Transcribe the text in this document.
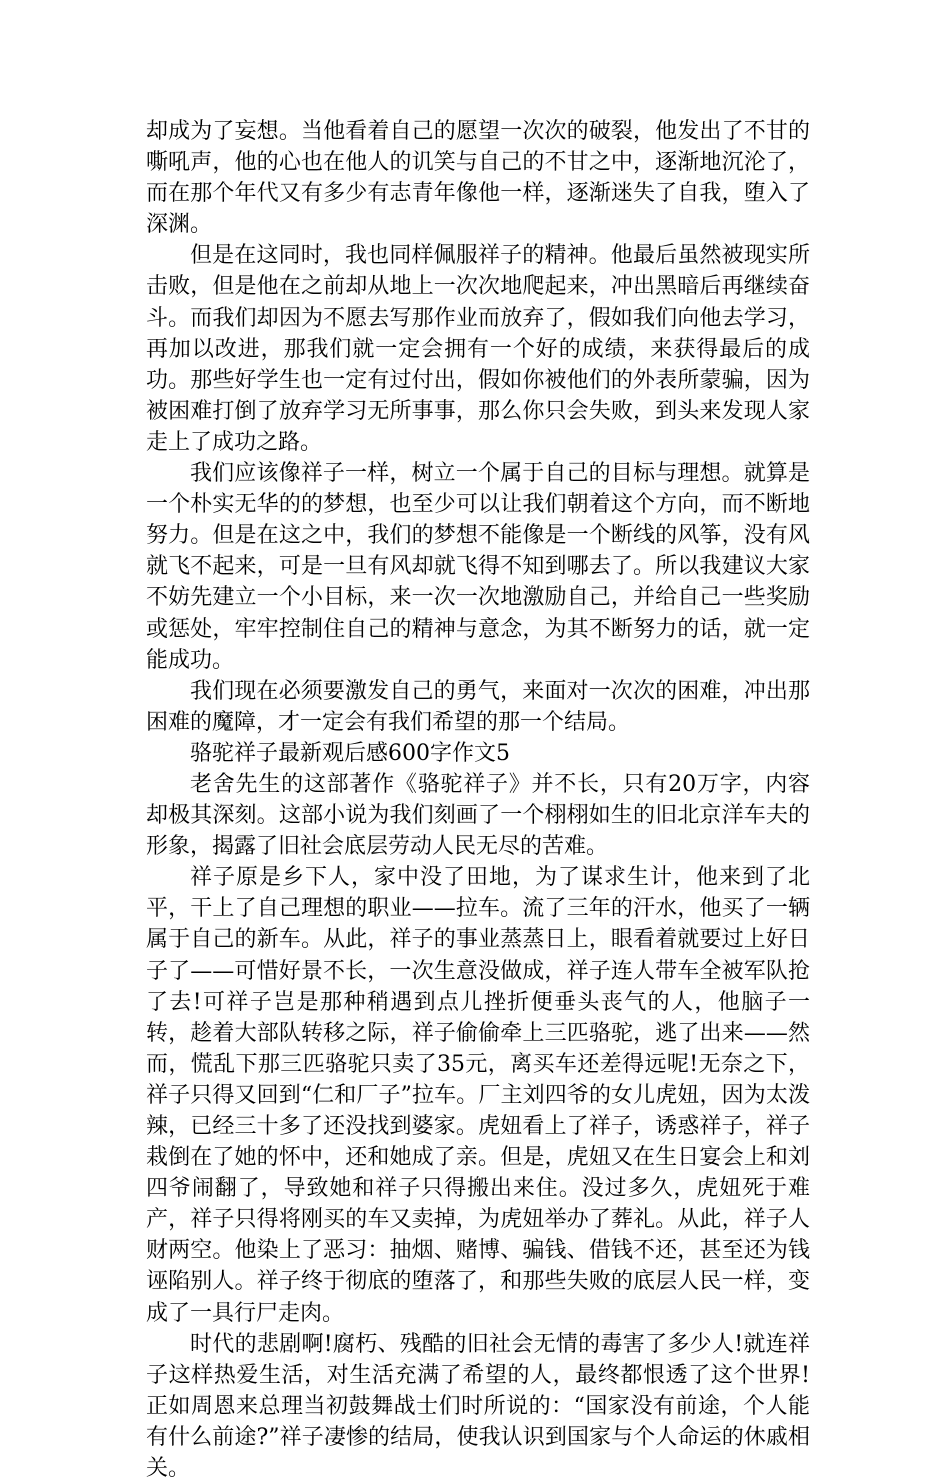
却成为了妄想。当他看着自己的愿望一次次的破裂，他发出了不甘的嘶吼声，他的心也在他人的讥笑与自己的不甘之中，逐渐地沉沦了，而在那个年代又有多少有志青年像他一样，逐渐迷失了自我，堕入了深渊。

但是在这同时，我也同样佩服祥子的精神。他最后虽然被现实所击败，但是他在之前却从地上一次次地爬起来，冲出黑暗后再继续奋斗。而我们却因为不愿去写那作业而放弃了，假如我们向他去学习，再加以改进，那我们就一定会拥有一个好的成绩，来获得最后的成功。那些好学生也一定有过付出，假如你被他们的外表所蒙骗，因为被困难打倒了放弃学习无所事事，那么你只会失败，到头来发现人家走上了成功之路。

我们应该像祥子一样，树立一个属于自己的目标与理想。就算是一个朴实无华的的梦想，也至少可以让我们朝着这个方向，而不断地努力。但是在这之中，我们的梦想不能像是一个断线的风筝，没有风就飞不起来，可是一旦有风却就飞得不知到哪去了。所以我建议大家不妨先建立一个小目标，来一次一次地激励自己，并给自己一些奖励或惩处，牢牢控制住自己的精神与意念，为其不断努力的话，就一定能成功。

我们现在必须要激发自己的勇气，来面对一次次的困难，冲出那困难的魔障，才一定会有我们希望的那一个结局。

骆驼祥子最新观后感600字作文5

老舍先生的这部著作《骆驼祥子》并不长，只有20万字，内容却极其深刻。这部小说为我们刻画了一个栩栩如生的旧北京洋车夫的形象，揭露了旧社会底层劳动人民无尽的苦难。

祥子原是乡下人，家中没了田地，为了谋求生计，他来到了北平，干上了自己理想的职业——拉车。流了三年的汗水，他买了一辆属于自己的新车。从此，祥子的事业蒸蒸日上，眼看着就要过上好日子了——可惜好景不长，一次生意没做成，祥子连人带车全被军队抢了去!可祥子岂是那种稍遇到点儿挫折便垂头丧气的人，他脑子一转，趁着大部队转移之际，祥子偷偷牵上三匹骆驼，逃了出来——然而，慌乱下那三匹骆驼只卖了35元，离买车还差得远呢!无奈之下，祥子只得又回到“仁和厂子”拉车。厂主刘四爷的女儿虎妞，因为太泼辣，已经三十多了还没找到婆家。虎妞看上了祥子，诱惑祥子，祥子栽倒在了她的怀中，还和她成了亲。但是，虎妞又在生日宴会上和刘四爷闹翻了，导致她和祥子只得搬出来住。没过多久，虎妞死于难产，祥子只得将刚买的车又卖掉，为虎妞举办了葬礼。从此，祥子人财两空。他染上了恶习：抽烟、赌博、骗钱、借钱不还，甚至还为钱诬陷别人。祥子终于彻底的堕落了，和那些失败的底层人民一样，变成了一具行尸走肉。

时代的悲剧啊!腐朽、残酷的旧社会无情的毒害了多少人!就连祥子这样热爱生活，对生活充满了希望的人，最终都恨透了这个世界!正如周恩来总理当初鼓舞战士们时所说的：“国家没有前途，个人能有什么前途?”祥子凄惨的结局，使我认识到国家与个人命运的休戚相关。
